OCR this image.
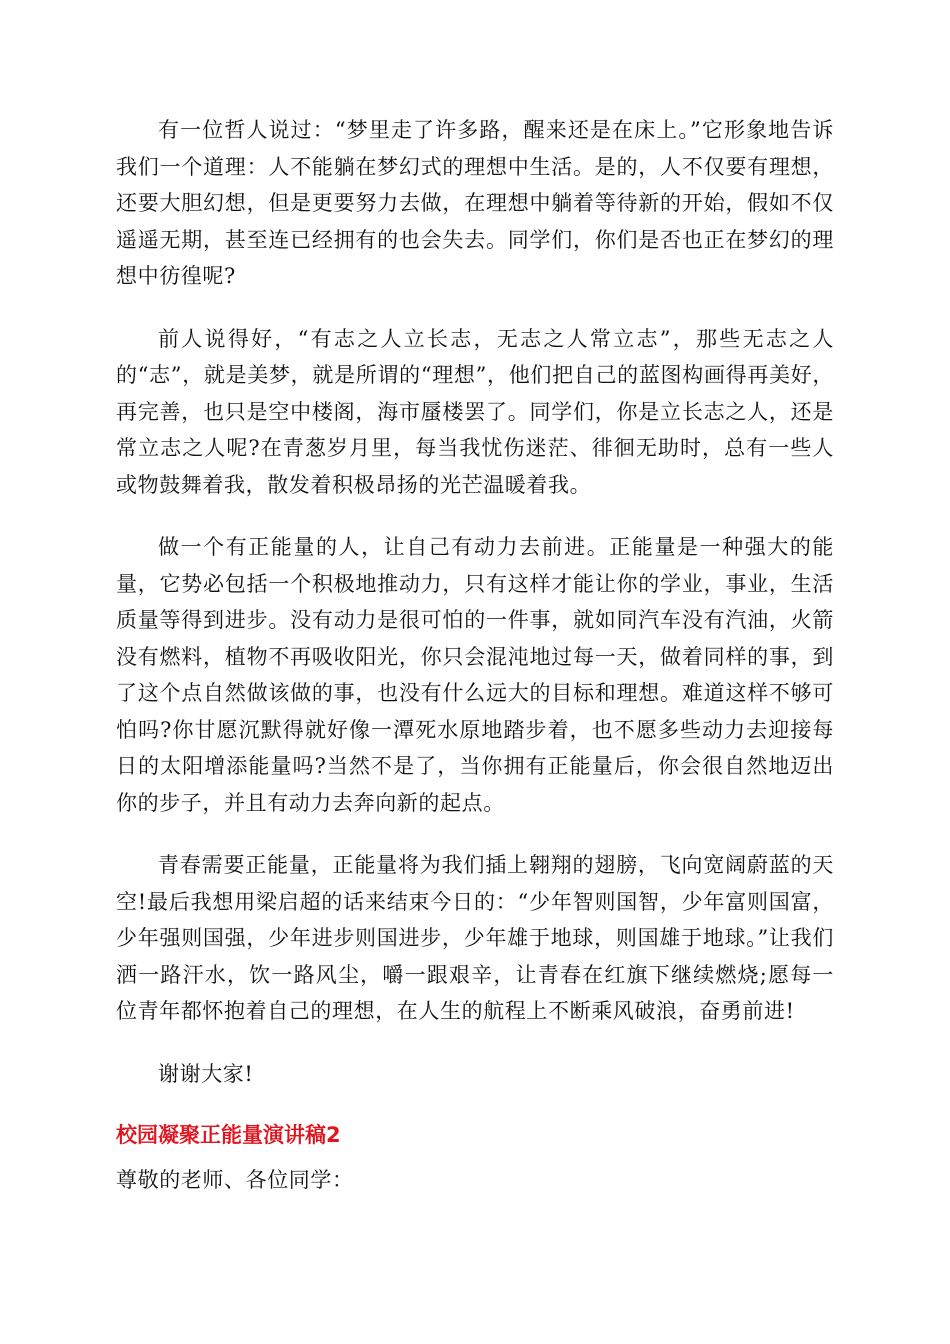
有一位哲人说过：“梦里走了许多路，醒来还是在床上。”它形象地告诉我们一个道理：人不能躺在梦幻式的理想中生活。是的，人不仅要有理想，还要大胆幻想，但是更要努力去做，在理想中躺着等待新的开始，假如不仅遥遥无期，甚至连已经拥有的也会失去。同学们，你们是否也正在梦幻的理想中彷徨呢?

前人说得好，“有志之人立长志，无志之人常立志”，那些无志之人的“志”，就是美梦，就是所谓的“理想”，他们把自己的蓝图构画得再美好，再完善，也只是空中楼阁，海市蜃楼罢了。同学们，你是立长志之人，还是常立志之人呢?在青葱岁月里，每当我忧伤迷茫、徘徊无助时，总有一些人或物鼓舞着我，散发着积极昂扬的光芒温暖着我。

做一个有正能量的人，让自己有动力去前进。正能量是一种强大的能量，它势必包括一个积极地推动力，只有这样才能让你的学业，事业，生活质量等得到进步。没有动力是很可怕的一件事，就如同汽车没有汽油，火箭没有燃料，植物不再吸收阳光，你只会混沌地过每一天，做着同样的事，到了这个点自然做该做的事，也没有什么远大的目标和理想。难道这样不够可怕吗?你甘愿沉默得就好像一潭死水原地踏步着，也不愿多些动力去迎接每日的太阳增添能量吗?当然不是了，当你拥有正能量后，你会很自然地迈出你的步子，并且有动力去奔向新的起点。

青春需要正能量，正能量将为我们插上翱翔的翅膀，飞向宽阔蔚蓝的天空!最后我想用梁启超的话来结束今日的：“少年智则国智，少年富则国富，少年强则国强，少年进步则国进步，少年雄于地球，则国雄于地球。”让我们洒一路汗水，饮一路风尘，嚼一跟艰辛，让青春在红旗下继续燃烧;愿每一位青年都怀抱着自己的理想，在人生的航程上不断乘风破浪，奋勇前进!

谢谢大家!

校园凝聚正能量演讲稿2

尊敬的老师、各位同学：
